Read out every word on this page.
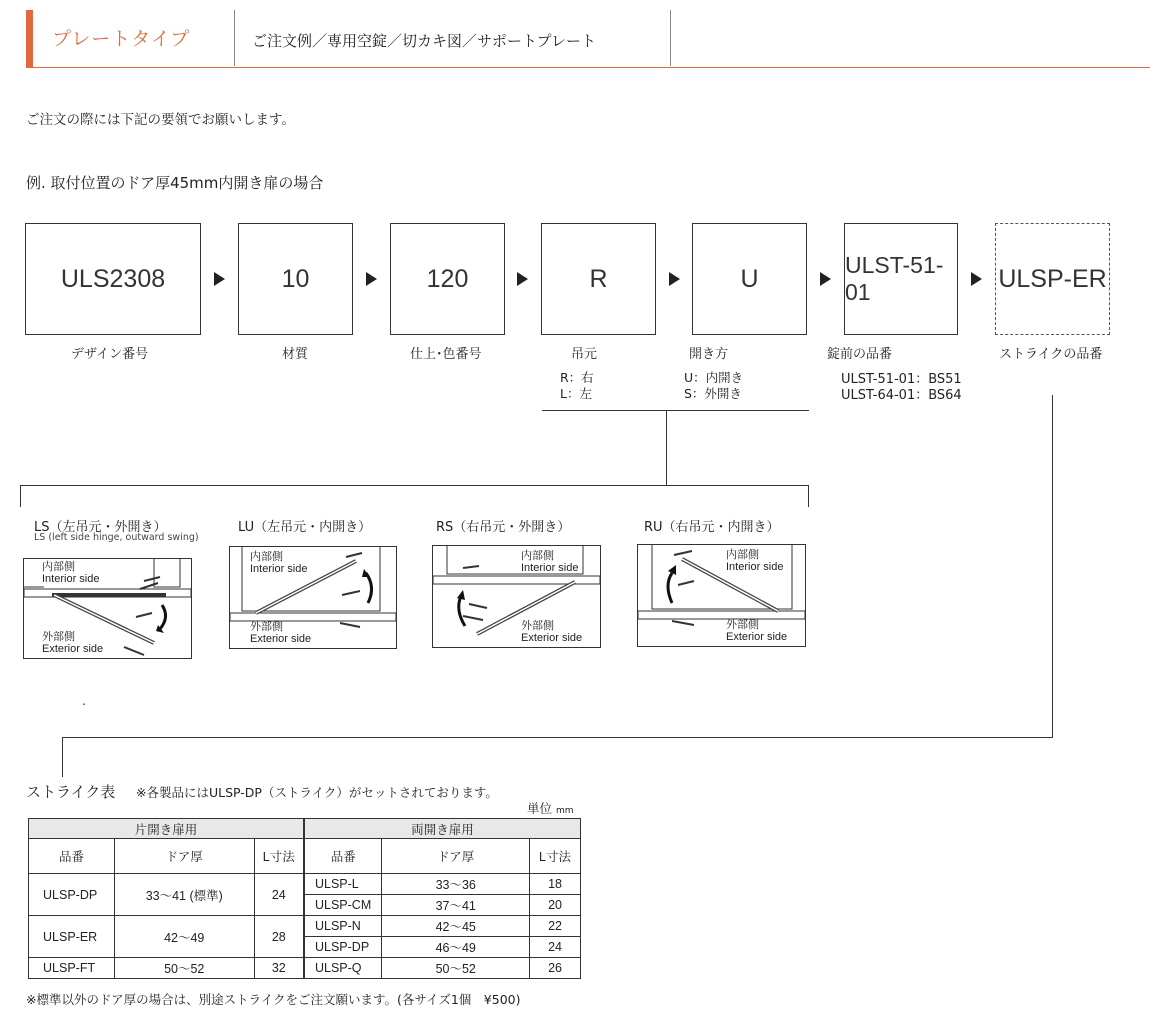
プレートタイプ	ご注文例／専用空錠／切カキ図／サポートプレート
ご注文の際には下記の要領でお願いします。
例. 取付位置のドア厚45mm内開き扉の場合
ULS2308	10	120	R	U	ULST-51-01	ULSP-ER
デザイン番号	材質	仕上･色番号	吊元	開き方	錠前の品番	ストライクの品番
R：右
L：左
U：内開き
S：外開き
ULST-51-01：BS51
ULST-64-01：BS64
LS（左吊元・外開き）
LS (left side hinge, outward swing)
LU（左吊元・内開き）	RS（右吊元・外開き）	RU（右吊元・内開き）
内部側
Interior side
外部側
Exterior side
内部側
Interior side
外部側
Exterior side
内部側
Interior side
外部側
Exterior side
内部側
Interior side
外部側
Exterior side
.
ストライク表 ※各製品にはULSP-DP（ストライク）がセットされております。
単位 mm
片開き扉用			両開き扉用		
品番	ドア厚	L寸法	品番	ドア厚	L寸法
ULSP-DP	33～41 (標準)	24	ULSP-L	33～36	18
			ULSP-CM	37～41	20
ULSP-ER	42～49	28	ULSP-N	42～45	22
			ULSP-DP	46～49	24
ULSP-FT	50～52	32	ULSP-Q	50～52	26
※標準以外のドア厚の場合は、別途ストライクをご注文願います。(各サイズ1個　¥500)
